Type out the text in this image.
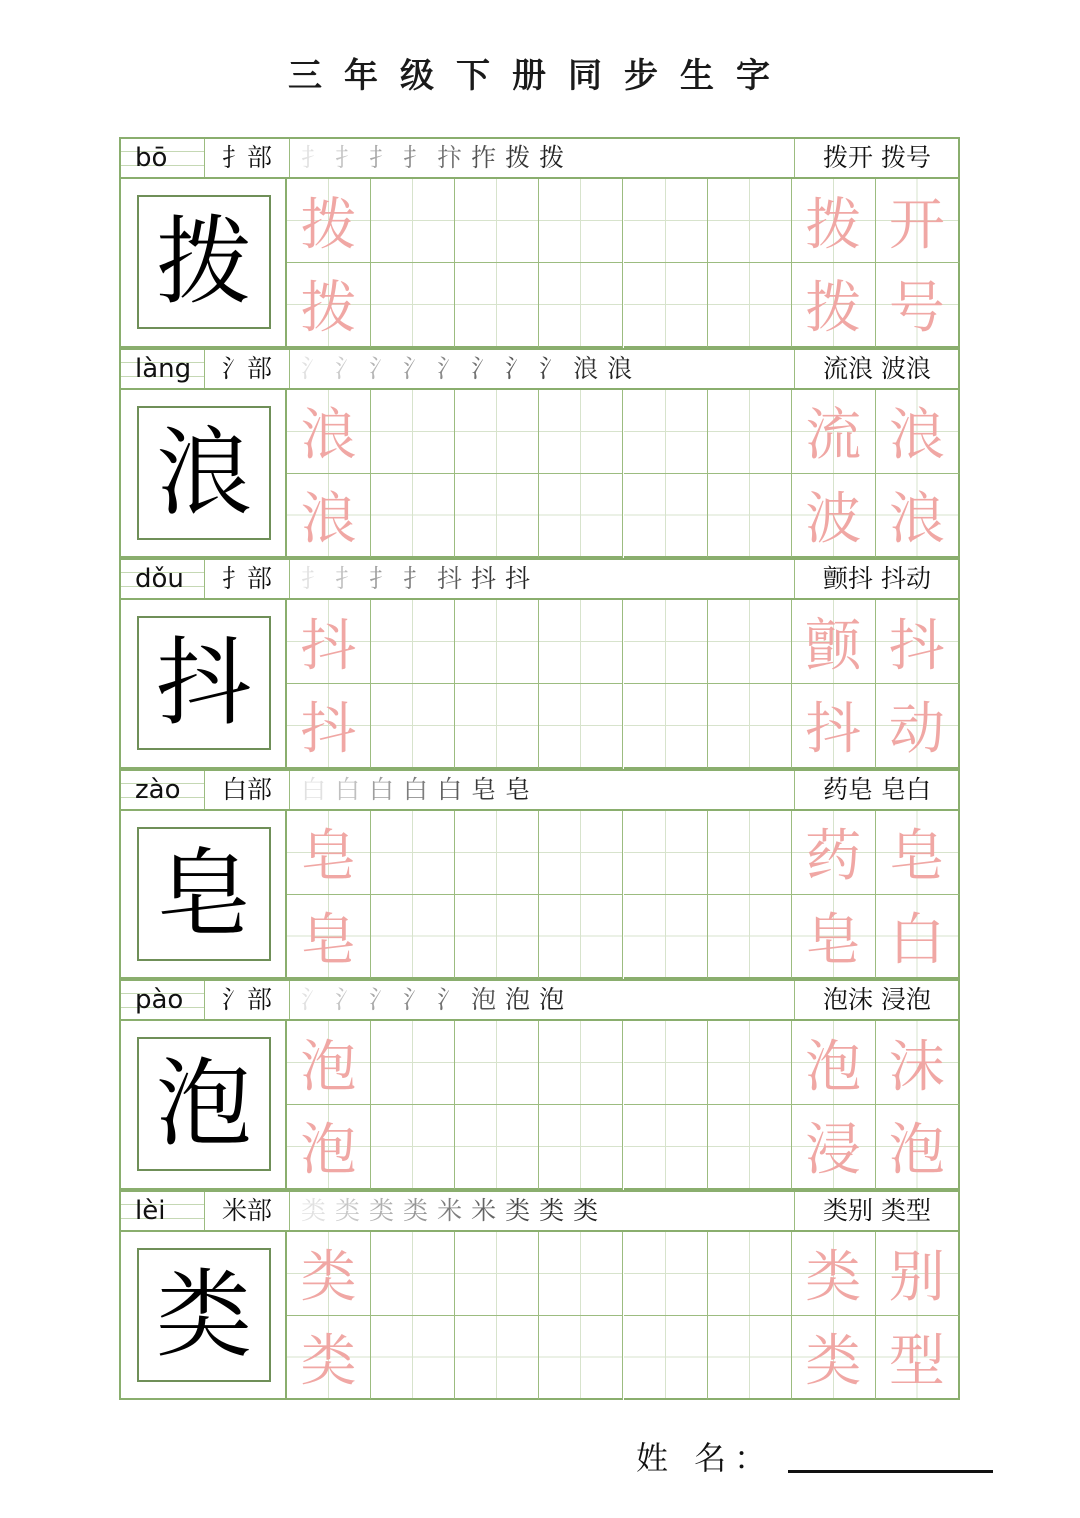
三年级下册同步生字
bō	扌部	扌 扌 扌 扌 抃 拃 拨 拨	拨开 拨号
拨 拨	拨 开
拨	拨 号
làng	氵部	氵 氵 氵 氵 氵 氵 氵 氵 浪 浪	流浪 波浪
浪 浪	流 浪
浪	波 浪
dǒu	扌部	扌 扌 扌 扌 抖 抖 抖	颤抖 抖动
抖 抖	颤 抖
抖	抖 动
zào	白部	白 白 白 白 白 皂 皂	药皂 皂白
皂 皂	药 皂
皂	皂 白
pào	氵部	氵 氵 氵 氵 氵 泡 泡 泡	泡沫 浸泡
泡 泡	泡 沫
泡	浸 泡
lèi	米部	类 类 类 类 米 米 类 类 类	类别 类型
类 类	类 别
类	类 型
姓 名：
